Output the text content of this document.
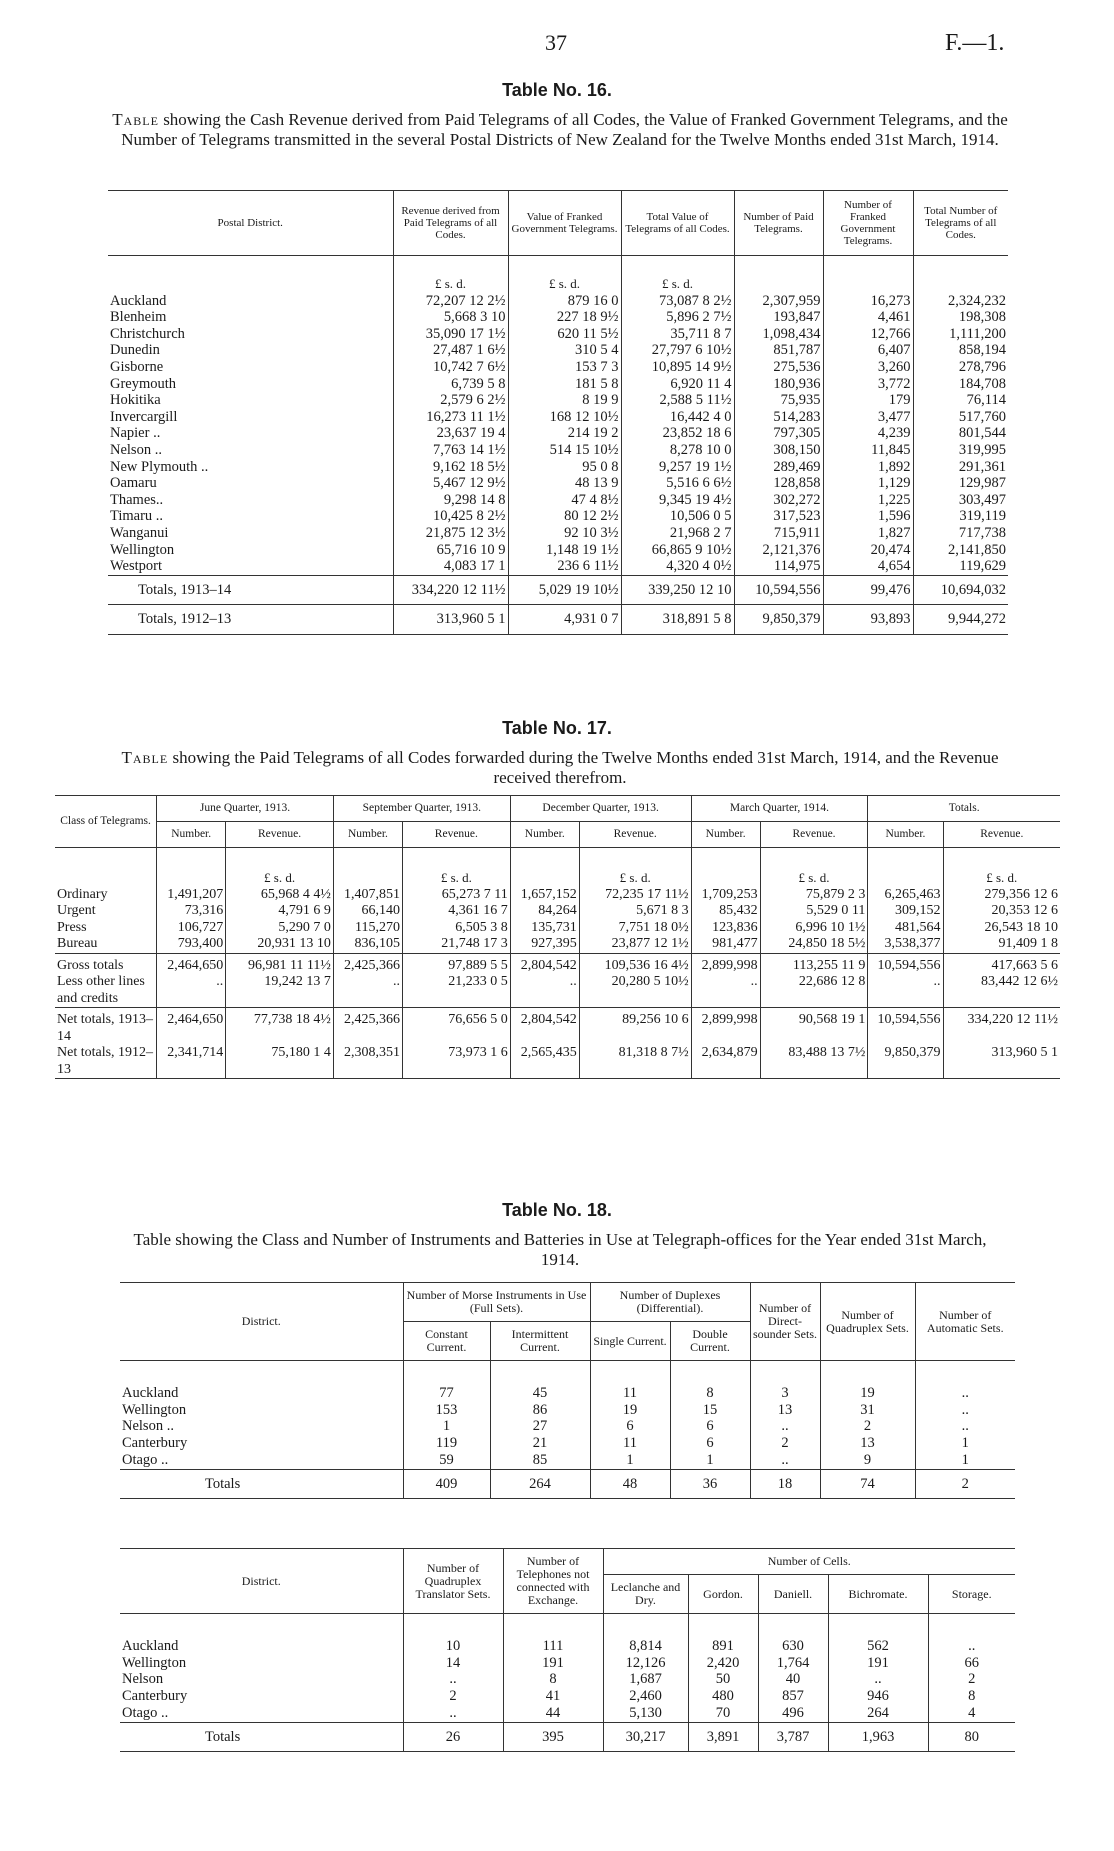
37	F.—1.
Table No. 16.
Table showing the Cash Revenue derived from Paid Telegrams of all Codes, the Value of Franked Government Telegrams, and the Number of Telegrams transmitted in the several Postal Districts of New Zealand for the Twelve Months ended 31st March, 1914.
Postal District.	Revenue derived from Paid Telegrams of all Codes.	Value of Franked Government Telegrams.	Total Value of Telegrams of all Codes.	Number of Paid Telegrams.	Number of Franked Government Telegrams.	Total Number of Telegrams of all Codes.
	£ s. d.	£ s. d.	£ s. d.			
Auckland	72,207 12 2½	879 16 0	73,087 8 2½	2,307,959	16,273	2,324,232
Blenheim	5,668 3 10	227 18 9½	5,896 2 7½	193,847	4,461	198,308
Christchurch	35,090 17 1½	620 11 5½	35,711 8 7	1,098,434	12,766	1,111,200
Dunedin	27,487 1 6½	310 5 4	27,797 6 10½	851,787	6,407	858,194
Gisborne	10,742 7 6½	153 7 3	10,895 14 9½	275,536	3,260	278,796
Greymouth	6,739 5 8	181 5 8	6,920 11 4	180,936	3,772	184,708
Hokitika	2,579 6 2½	8 19 9	2,588 5 11½	75,935	179	76,114
Invercargill	16,273 11 1½	168 12 10½	16,442 4 0	514,283	3,477	517,760
Napier ..	23,637 19 4	214 19 2	23,852 18 6	797,305	4,239	801,544
Nelson ..	7,763 14 1½	514 15 10½	8,278 10 0	308,150	11,845	319,995
New Plymouth ..	9,162 18 5½	95 0 8	9,257 19 1½	289,469	1,892	291,361
Oamaru	5,467 12 9½	48 13 9	5,516 6 6½	128,858	1,129	129,987
Thames..	9,298 14 8	47 4 8½	9,345 19 4½	302,272	1,225	303,497
Timaru ..	10,425 8 2½	80 12 2½	10,506 0 5	317,523	1,596	319,119
Wanganui	21,875 12 3½	92 10 3½	21,968 2 7	715,911	1,827	717,738
Wellington	65,716 10 9	1,148 19 1½	66,865 9 10½	2,121,376	20,474	2,141,850
Westport	4,083 17 1	236 6 11½	4,320 4 0½	114,975	4,654	119,629
Totals, 1913–14	334,220 12 11½	5,029 19 10½	339,250 12 10	10,594,556	99,476	10,694,032
Totals, 1912–13	313,960 5 1	4,931 0 7	318,891 5 8	9,850,379	93,893	9,944,272
Table No. 17.
Table showing the Paid Telegrams of all Codes forwarded during the Twelve Months ended 31st March, 1914, and the Revenue received therefrom.
Class of Telegrams.	June Quarter, 1913.		September Quarter, 1913.		December Quarter, 1913.		March Quarter, 1914.		Totals.	
	Number.	Revenue.	Number.	Revenue.	Number.	Revenue.	Number.	Revenue.	Number.	Revenue.
		£ s. d.		£ s. d.		£ s. d.		£ s. d.		£ s. d.
Ordinary	1,491,207	65,968 4 4½	1,407,851	65,273 7 11	1,657,152	72,235 17 11½	1,709,253	75,879 2 3	6,265,463	279,356 12 6
Urgent	73,316	4,791 6 9	66,140	4,361 16 7	84,264	5,671 8 3	85,432	5,529 0 11	309,152	20,353 12 6
Press	106,727	5,290 7 0	115,270	6,505 3 8	135,731	7,751 18 0½	123,836	6,996 10 1½	481,564	26,543 18 10
Bureau	793,400	20,931 13 10	836,105	21,748 17 3	927,395	23,877 12 1½	981,477	24,850 18 5½	3,538,377	91,409 1 8
Gross totals	2,464,650	96,981 11 11½	2,425,366	97,889 5 5	2,804,542	109,536 16 4½	2,899,998	113,255 11 9	10,594,556	417,663 5 6
Less other lines and credits	..	19,242 13 7	..	21,233 0 5	..	20,280 5 10½	..	22,686 12 8	..	83,442 12 6½
Net totals, 1913–14	2,464,650	77,738 18 4½	2,425,366	76,656 5 0	2,804,542	89,256 10 6	2,899,998	90,568 19 1	10,594,556	334,220 12 11½
Net totals, 1912–13	2,341,714	75,180 1 4	2,308,351	73,973 1 6	2,565,435	81,318 8 7½	2,634,879	83,488 13 7½	9,850,379	313,960 5 1
Table No. 18.
Table showing the Class and Number of Instruments and Batteries in Use at Telegraph-offices for the Year ended 31st March, 1914.
District.	Number of Morse Instruments in Use (Full Sets).		Number of Duplexes (Differential).		Number of Direct-sounder Sets.	Number of Quadruplex Sets.	Number of Automatic Sets.
	Constant Current.	Intermittent Current.	Single Current.	Double Current.			
Auckland	77	45	11	8	3	19	..
Wellington	153	86	19	15	13	31	..
Nelson ..	1	27	6	6	..	2	..
Canterbury	119	21	11	6	2	13	1
Otago ..	59	85	1	1	..	9	1
Totals	409	264	48	36	18	74	2
District.	Number of Quadruplex Translator Sets.	Number of Telephones not connected with Exchange.	Number of Cells.				
			Leclanche and Dry.	Gordon.	Daniell.	Bichromate.	Storage.
Auckland	10	111	8,814	891	630	562	..
Wellington	14	191	12,126	2,420	1,764	191	66
Nelson	..	8	1,687	50	40	..	2
Canterbury	2	41	2,460	480	857	946	8
Otago ..	..	44	5,130	70	496	264	4
Totals	26	395	30,217	3,891	3,787	1,963	80
